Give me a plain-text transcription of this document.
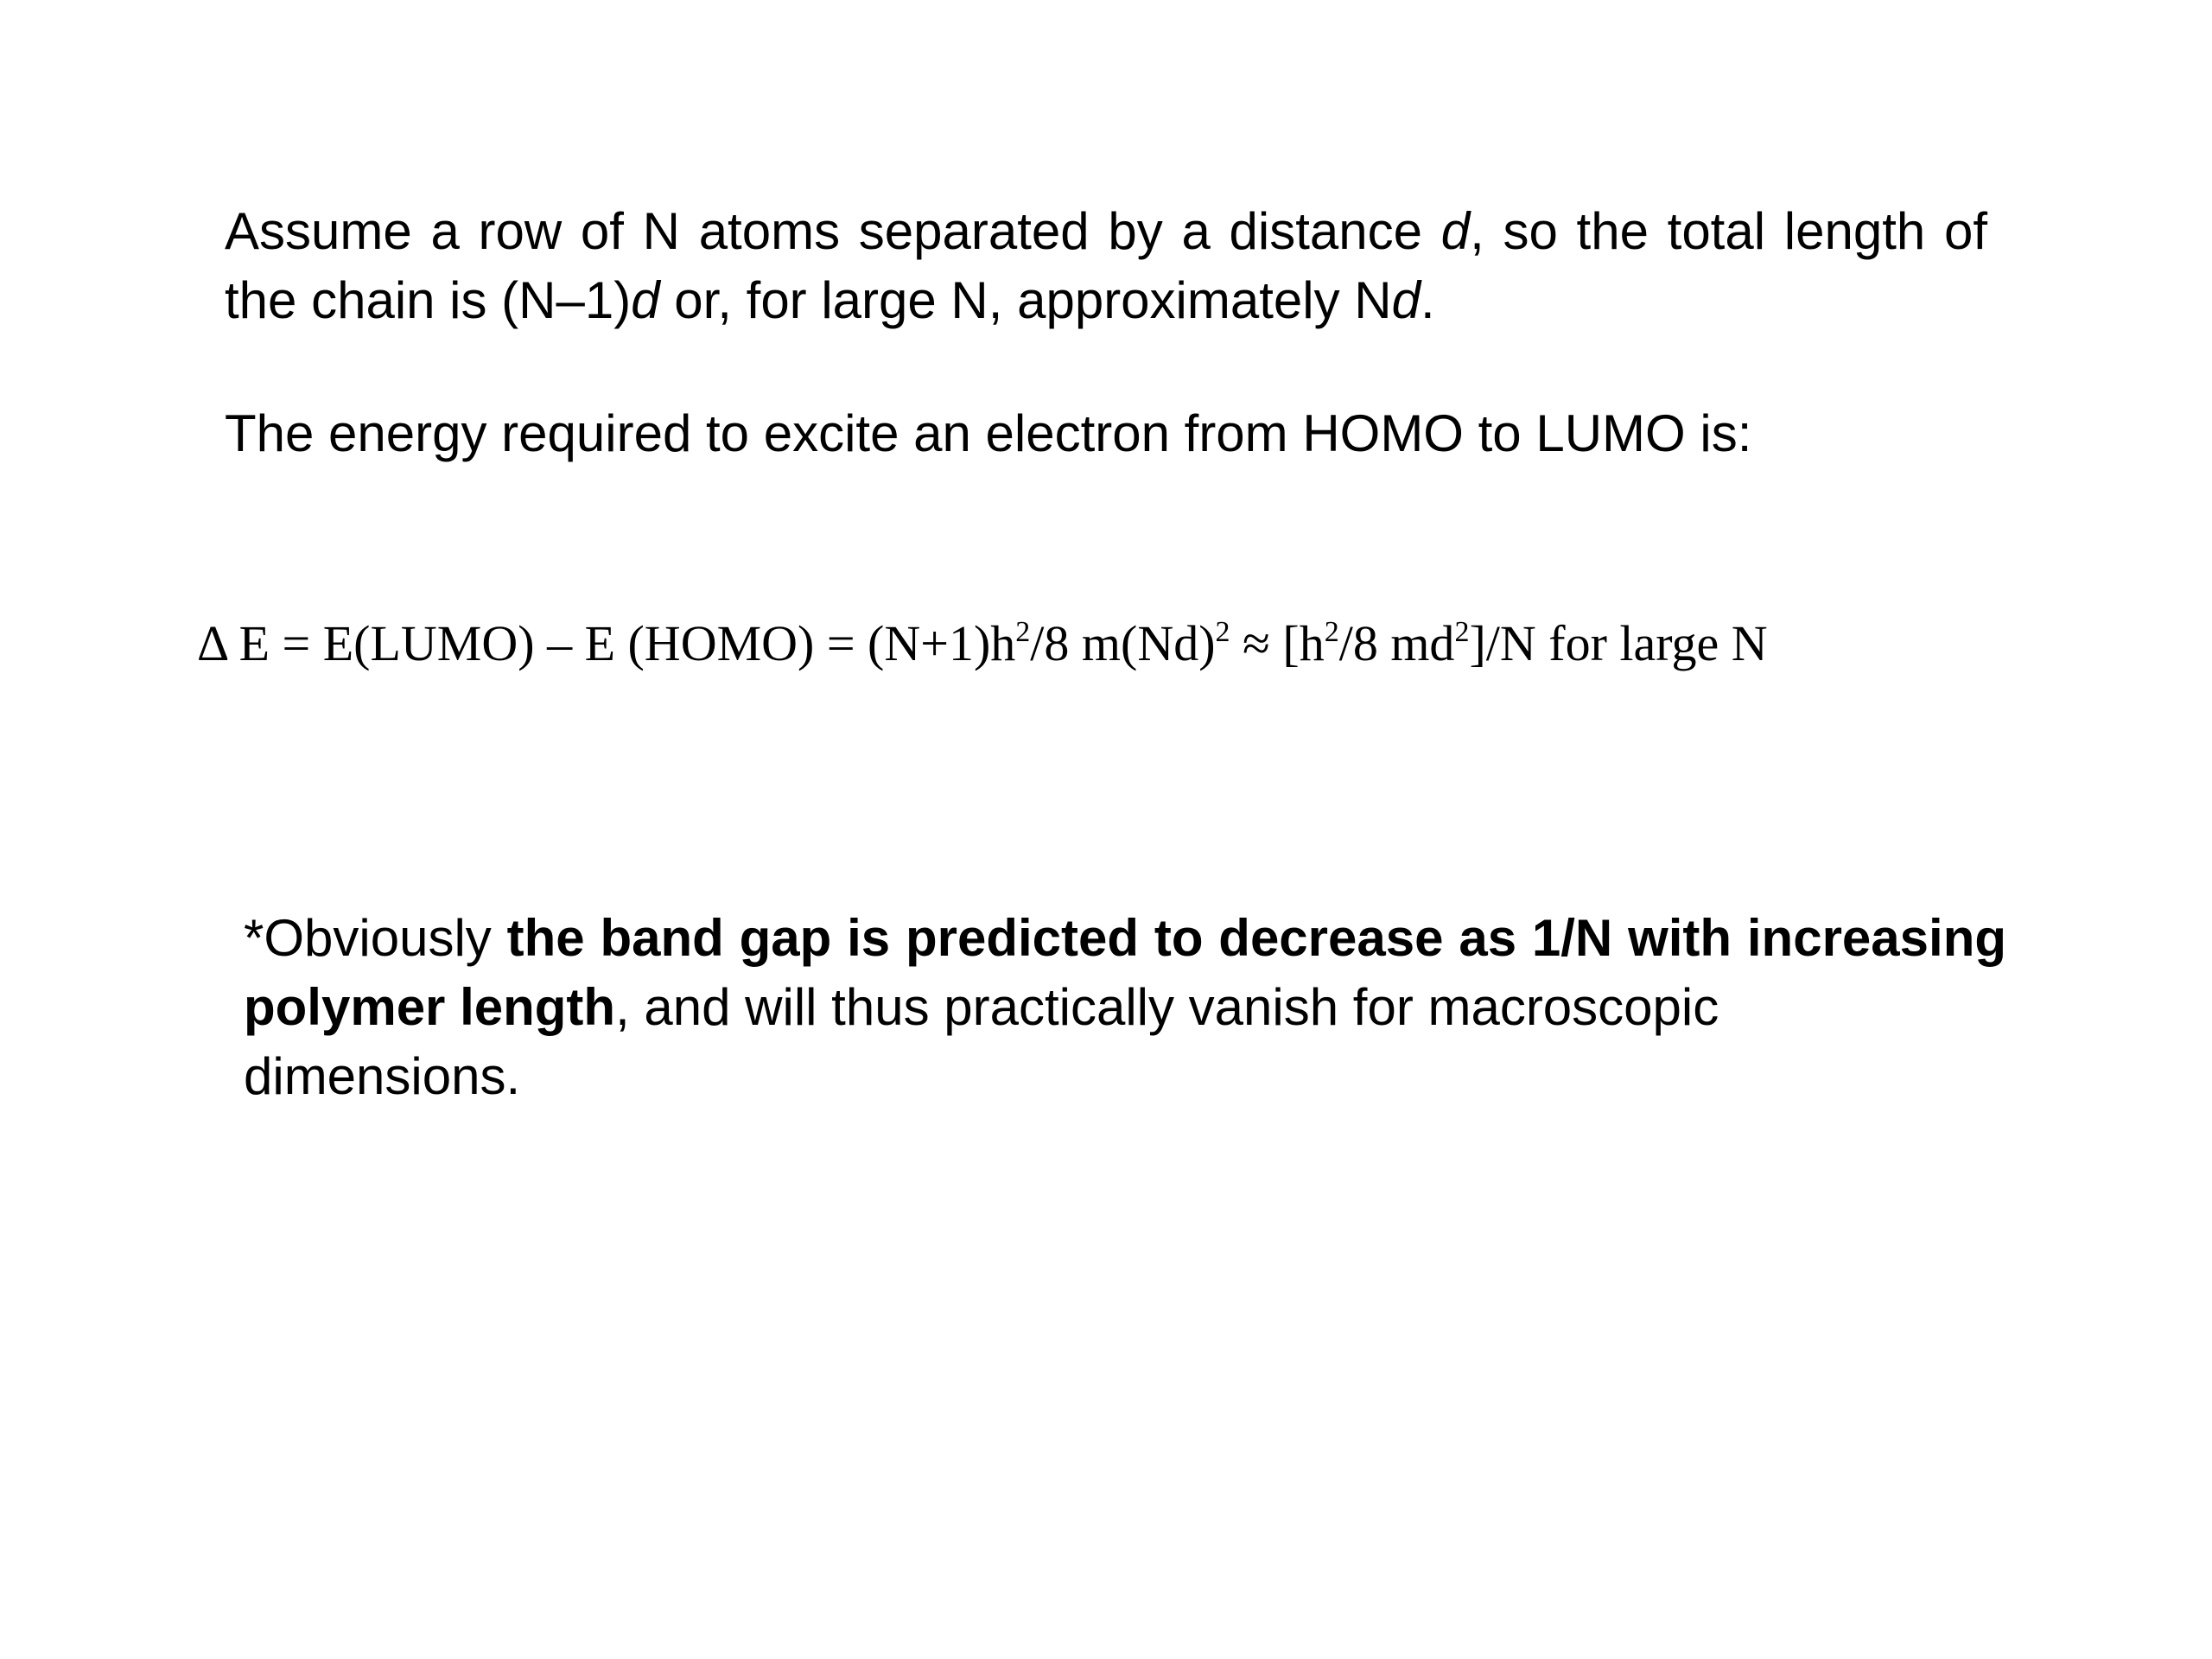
Assume a row of N atoms separated by a distance d, so the total length of
the chain is (N–1)d or, for large N, approximately Nd.

The energy required to excite an electron from HOMO to LUMO is:

Δ E = E(LUMO) – E (HOMO) = $(N+1)h^2/8$ $m(Nd)^2 \approx [h^2/8$ $md^2]/N$ for large N

*Obviously the band gap is predicted to decrease as 1/N with increasing
polymer length, and will thus practically vanish for macroscopic dimensions.
